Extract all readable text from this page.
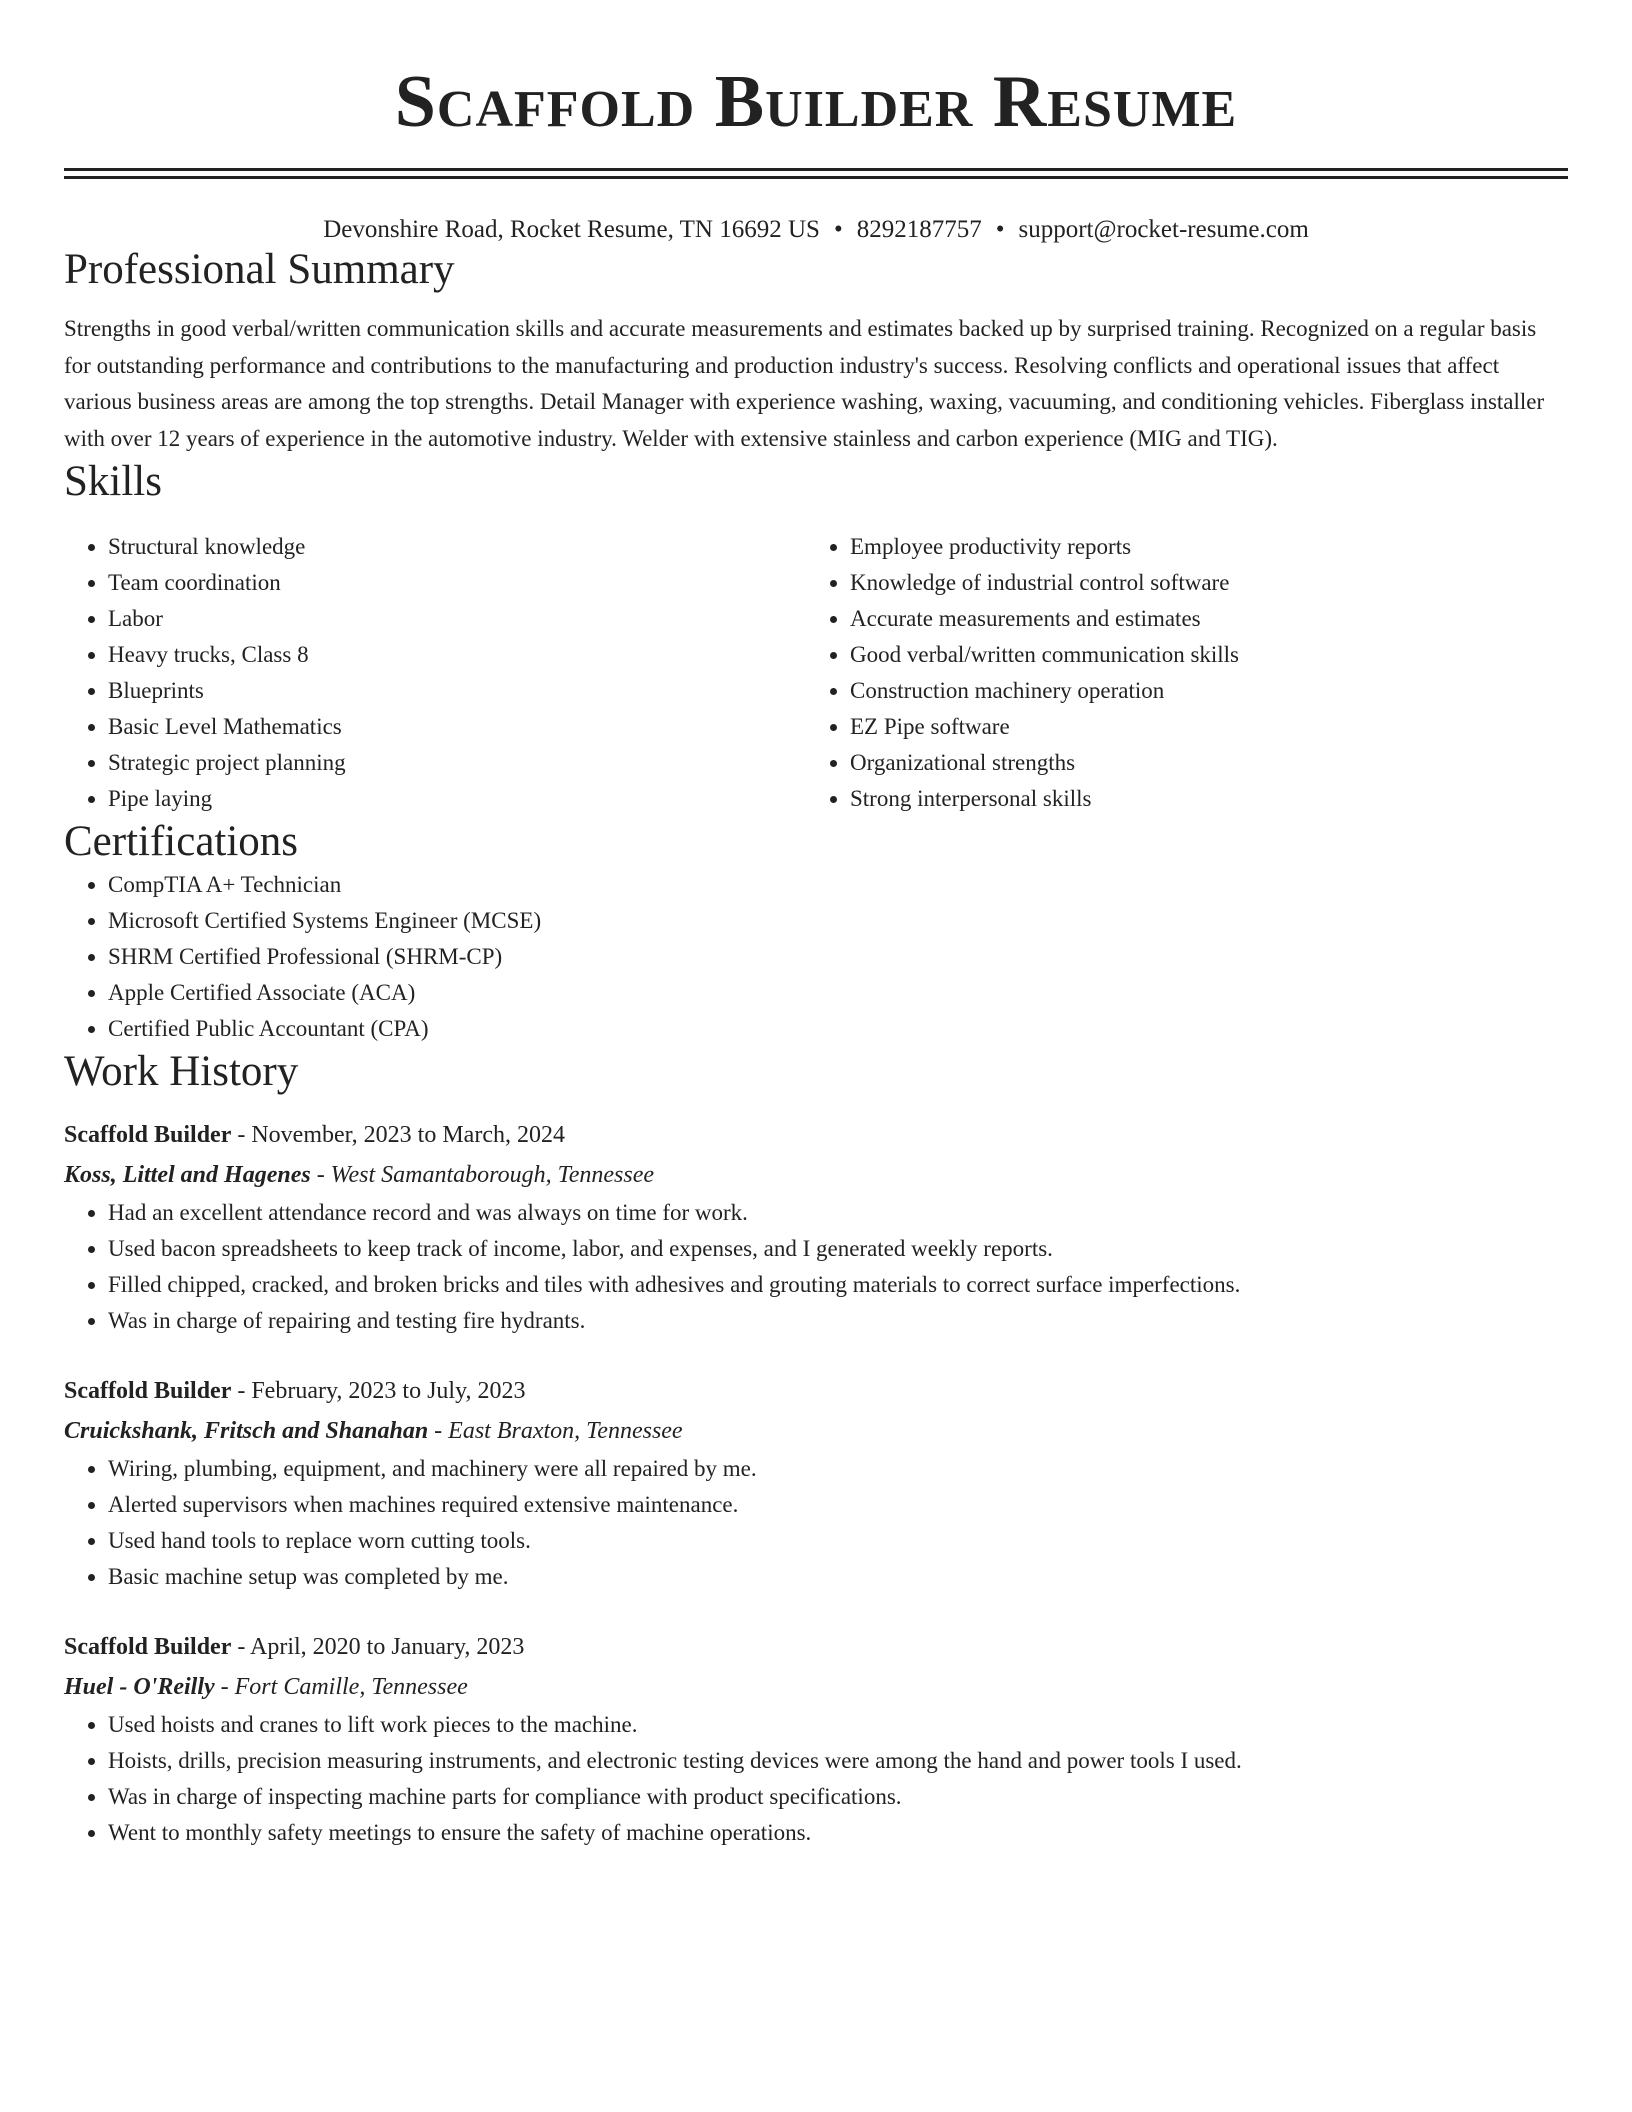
Scaffold Builder Resume
Devonshire Road, Rocket Resume, TN 16692 US • 8292187757 • support@rocket-resume.com
Professional Summary
Strengths in good verbal/written communication skills and accurate measurements and estimates backed up by surprised training. Recognized on a regular basis for outstanding performance and contributions to the manufacturing and production industry's success. Resolving conflicts and operational issues that affect various business areas are among the top strengths. Detail Manager with experience washing, waxing, vacuuming, and conditioning vehicles. Fiberglass installer with over 12 years of experience in the automotive industry. Welder with extensive stainless and carbon experience (MIG and TIG).
Skills
• Structural knowledge
• Team coordination
• Labor
• Heavy trucks, Class 8
• Blueprints
• Basic Level Mathematics
• Strategic project planning
• Pipe laying
• Employee productivity reports
• Knowledge of industrial control software
• Accurate measurements and estimates
• Good verbal/written communication skills
• Construction machinery operation
• EZ Pipe software
• Organizational strengths
• Strong interpersonal skills
Certifications
• CompTIA A+ Technician
• Microsoft Certified Systems Engineer (MCSE)
• SHRM Certified Professional (SHRM-CP)
• Apple Certified Associate (ACA)
• Certified Public Accountant (CPA)
Work History
Scaffold Builder - November, 2023 to March, 2024
Koss, Littel and Hagenes - West Samantaborough, Tennessee
• Had an excellent attendance record and was always on time for work.
• Used bacon spreadsheets to keep track of income, labor, and expenses, and I generated weekly reports.
• Filled chipped, cracked, and broken bricks and tiles with adhesives and grouting materials to correct surface imperfections.
• Was in charge of repairing and testing fire hydrants.
Scaffold Builder - February, 2023 to July, 2023
Cruickshank, Fritsch and Shanahan - East Braxton, Tennessee
• Wiring, plumbing, equipment, and machinery were all repaired by me.
• Alerted supervisors when machines required extensive maintenance.
• Used hand tools to replace worn cutting tools.
• Basic machine setup was completed by me.
Scaffold Builder - April, 2020 to January, 2023
Huel - O'Reilly - Fort Camille, Tennessee
• Used hoists and cranes to lift work pieces to the machine.
• Hoists, drills, precision measuring instruments, and electronic testing devices were among the hand and power tools I used.
• Was in charge of inspecting machine parts for compliance with product specifications.
• Went to monthly safety meetings to ensure the safety of machine operations.
